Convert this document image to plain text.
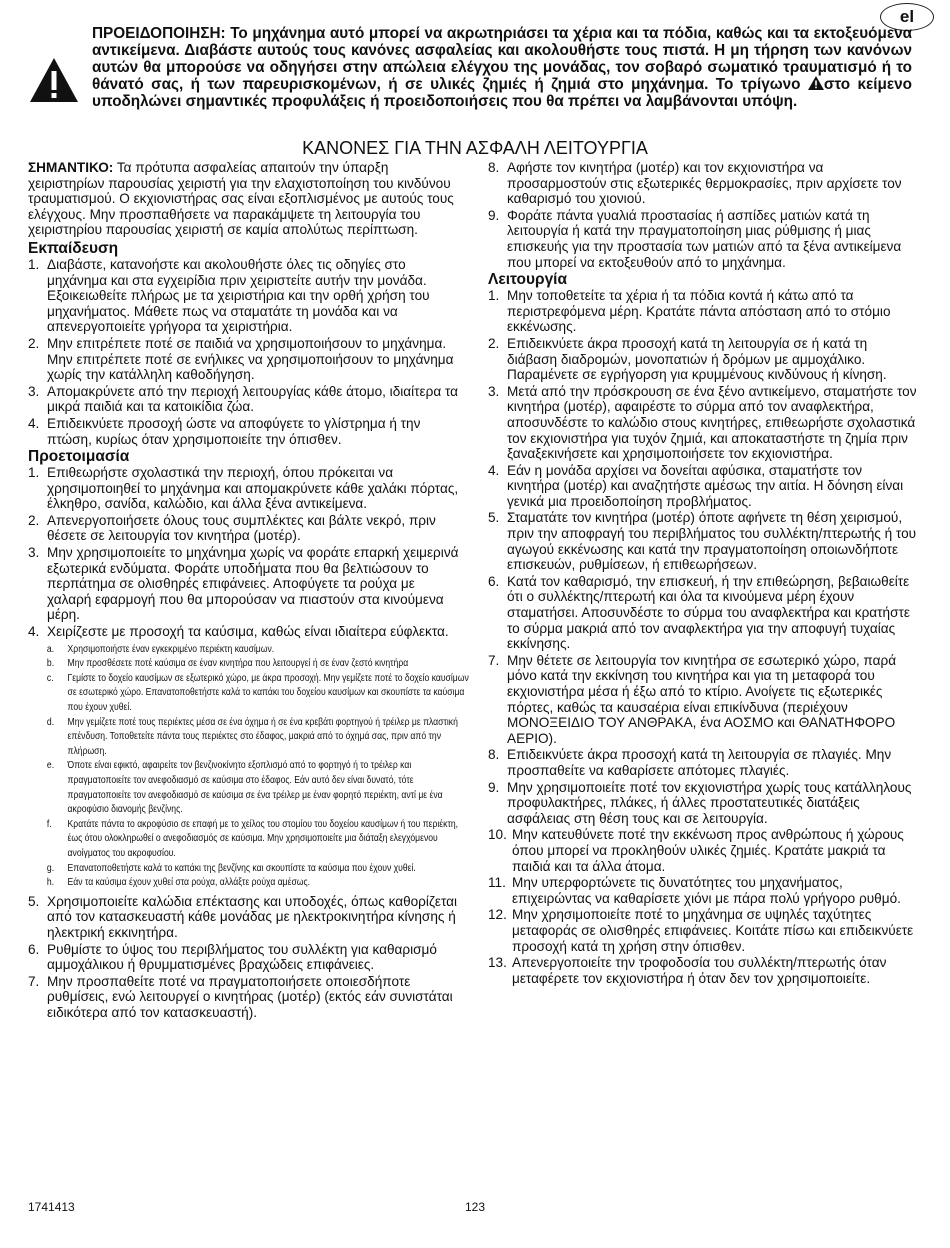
el
ΠΡΟΕΙΔΟΠΟΙΗΣΗ: Το μηχάνημα αυτό μπορεί να ακρωτηριάσει τα χέρια και τα πόδια, καθώς και τα εκτοξευόμενα αντικείμενα. Διαβάστε αυτούς τους κανόνες ασφαλείας και ακολουθήστε τους πιστά. Η μη τήρηση των κανόνων αυτών θα μπορούσε να οδηγήσει στην απώλεια ελέγχου της μονάδας, τον σοβαρό σωματικό τραυματισμό ή το θάνατό σας, ή των παρευρισκομένων, ή σε υλικές ζημιές ή ζημιά στο μηχάνημα. Το τρίγωνο στο κείμενο υποδηλώνει σημαντικές προφυλάξεις ή προειδοποιήσεις που θα πρέπει να λαμβάνονται υπόψη.
ΚΑΝΟΝΕΣ ΓΙΑ ΤΗΝ ΑΣΦΑΛΗ ΛΕΙΤΟΥΡΓΙΑ

ΣΗΜΑΝΤΙΚΟ: Τα πρότυπα ασφαλείας απαιτούν την ύπαρξη χειριστηρίων παρουσίας χειριστή για την ελαχιστοποίηση του κινδύνου τραυματισμού. Ο εκχιονιστήρας σας είναι εξοπλισμένος με αυτούς τους ελέγχους. Μην προσπαθήσετε να παρακάμψετε τη λειτουργία του χειριστηρίου παρουσίας χειριστή σε καμία απολύτως περίπτωση.

Εκπαίδευση
1. Διαβάστε, κατανοήστε και ακολουθήστε όλες τις οδηγίες στο μηχάνημα και στα εγχειρίδια πριν χειριστείτε αυτήν την μονάδα. Εξοικειωθείτε πλήρως με τα χειριστήρια και την ορθή χρήση του μηχανήματος. Μάθετε πως να σταματάτε τη μονάδα και να απενεργοποιείτε γρήγορα τα χειριστήρια.
2. Μην επιτρέπετε ποτέ σε παιδιά να χρησιμοποιήσουν το μηχάνημα. Μην επιτρέπετε ποτέ σε ενήλικες να χρησιμοποιήσουν το μηχάνημα χωρίς την κατάλληλη καθοδήγηση.
3. Απομακρύνετε από την περιοχή λειτουργίας κάθε άτομο, ιδιαίτερα τα μικρά παιδιά και τα κατοικίδια ζώα.
4. Επιδεικνύετε προσοχή ώστε να αποφύγετε το γλίστρημα ή την πτώση, κυρίως όταν χρησιμοποιείτε την όπισθεν.
Προετοιμασία
1. Επιθεωρήστε σχολαστικά την περιοχή, όπου πρόκειται να χρησιμοποιηθεί το μηχάνημα και απομακρύνετε κάθε χαλάκι πόρτας, έλκηθρο, σανίδα, καλώδιο, και άλλα ξένα αντικείμενα.
2. Απενεργοποιήσετε όλους τους συμπλέκτες και βάλτε νεκρό, πριν θέσετε σε λειτουργία τον κινητήρα (μοτέρ).
3. Μην χρησιμοποιείτε το μηχάνημα χωρίς να φοράτε επαρκή χειμερινά εξωτερικά ενδύματα. Φοράτε υποδήματα που θα βελτιώσουν το περπάτημα σε ολισθηρές επιφάνειες. Αποφύγετε τα ρούχα με χαλαρή εφαρμογή που θα μπορούσαν να πιαστούν στα κινούμενα μέρη.
4. Χειρίζεστε με προσοχή τα καύσιμα, καθώς είναι ιδιαίτερα εύφλεκτα.
a. Χρησιμοποιήστε έναν εγκεκριμένο περιέκτη καυσίμων.
b. Μην προσθέσετε ποτέ καύσιμα σε έναν κινητήρα που λειτουργεί ή σε έναν ζεστό κινητήρα
c. Γεμίστε το δοχείο καυσίμων σε εξωτερικό χώρο, με άκρα προσοχή. Μην γεμίζετε ποτέ το δοχείο καυσίμων σε εσωτερικό χώρο. Επανατοποθετήστε καλά το καπάκι του δοχείου καυσίμων και σκουπίστε τα καύσιμα που έχουν χυθεί.
d. Μην γεμίζετε ποτέ τους περιέκτες μέσα σε ένα όχημα ή σε ένα κρεβάτι φορτηγού ή τρέιλερ με πλαστική επένδυση. Τοποθετείτε πάντα τους περιέκτες στο έδαφος, μακριά από το όχημά σας, πριν από την πλήρωση.
e. Όποτε είναι εφικτό, αφαιρείτε τον βενζινοκίνητο εξοπλισμό από το φορτηγό ή το τρέιλερ και πραγματοποιείτε τον ανεφοδιασμό σε καύσιμα στο έδαφος. Εάν αυτό δεν είναι δυνατό, τότε πραγματοποιείτε τον ανεφοδιασμό σε καύσιμα σε ένα τρέιλερ με έναν φορητό περιέκτη, αντί με ένα ακροφύσιο διανομής βενζίνης.
f. Κρατάτε πάντα το ακροφύσιο σε επαφή με το χείλος του στομίου του δοχείου καυσίμων ή του περιέκτη, έως ότου ολοκληρωθεί ο ανεφοδιασμός σε καύσιμα. Μην χρησιμοποιείτε μια διάταξη ελεγχόμενου ανοίγματος του ακροφυσίου.
g. Επανατοποθετήστε καλά το καπάκι της βενζίνης και σκουπίστε τα καύσιμα που έχουν χυθεί.
h. Εάν τα καύσιμα έχουν χυθεί στα ρούχα, αλλάξτε ρούχα αμέσως.
5. Χρησιμοποιείτε καλώδια επέκτασης και υποδοχές, όπως καθορίζεται από τον κατασκευαστή κάθε μονάδας με ηλεκτροκινητήρα κίνησης ή ηλεκτρική εκκινητήρα.
6. Ρυθμίστε το ύψος του περιβλήματος του συλλέκτη για καθαρισμό αμμοχάλικου ή θρυμματισμένες βραχώδεις επιφάνειες.
7. Μην προσπαθείτε ποτέ να πραγματοποιήσετε οποιεσδήποτε ρυθμίσεις, ενώ λειτουργεί ο κινητήρας (μοτέρ) (εκτός εάν συνιστάται ειδικότερα από τον κατασκευαστή).
8. Αφήστε τον κινητήρα (μοτέρ) και τον εκχιονιστήρα να προσαρμοστούν στις εξωτερικές θερμοκρασίες, πριν αρχίσετε τον καθαρισμό του χιονιού.
9. Φοράτε πάντα γυαλιά προστασίας ή ασπίδες ματιών κατά τη λειτουργία ή κατά την πραγματοποίηση μιας ρύθμισης ή μιας επισκευής για την προστασία των ματιών από τα ξένα αντικείμενα που μπορεί να εκτοξευθούν από το μηχάνημα.
Λειτουργία
1. Μην τοποθετείτε τα χέρια ή τα πόδια κοντά ή κάτω από τα περιστρεφόμενα μέρη. Κρατάτε πάντα απόσταση από το στόμιο εκκένωσης.
2. Επιδεικνύετε άκρα προσοχή κατά τη λειτουργία σε ή κατά τη διάβαση διαδρομών, μονοπατιών ή δρόμων με αμμοχάλικο. Παραμένετε σε εγρήγορση για κρυμμένους κινδύνους ή κίνηση.
3. Μετά από την πρόσκρουση σε ένα ξένο αντικείμενο, σταματήστε τον κινητήρα (μοτέρ), αφαιρέστε το σύρμα από τον αναφλεκτήρα, αποσυνδέστε το καλώδιο στους κινητήρες, επιθεωρήστε σχολαστικά τον εκχιονιστήρα για τυχόν ζημιά, και αποκαταστήστε τη ζημία πριν ξαναξεκινήσετε και χρησιμοποιήσετε τον εκχιονιστήρα.
4. Εάν η μονάδα αρχίσει να δονείται αφύσικα, σταματήστε τον κινητήρα (μοτέρ) και αναζητήστε αμέσως την αιτία. Η δόνηση είναι γενικά μια προειδοποίηση προβλήματος.
5. Σταματάτε τον κινητήρα (μοτέρ) όποτε αφήνετε τη θέση χειρισμού, πριν την αποφραγή του περιβλήματος του συλλέκτη/πτερωτής ή του αγωγού εκκένωσης και κατά την πραγματοποίηση οποιωνδήποτε επισκευών, ρυθμίσεων, ή επιθεωρήσεων.
6. Κατά τον καθαρισμό, την επισκευή, ή την επιθεώρηση, βεβαιωθείτε ότι ο συλλέκτης/πτερωτή και όλα τα κινούμενα μέρη έχουν σταματήσει. Αποσυνδέστε το σύρμα του αναφλεκτήρα και κρατήστε το σύρμα μακριά από τον αναφλεκτήρα για την αποφυγή τυχαίας εκκίνησης.
7. Μην θέτετε σε λειτουργία τον κινητήρα σε εσωτερικό χώρο, παρά μόνο κατά την εκκίνηση του κινητήρα και για τη μεταφορά του εκχιονιστήρα μέσα ή έξω από το κτίριο. Ανοίγετε τις εξωτερικές πόρτες, καθώς τα καυσαέρια είναι επικίνδυνα (περιέχουν ΜΟΝΟΞΕΙΔΙΟ ΤΟΥ ΑΝΘΡΑΚΑ, ένα ΑΟΣΜΟ και ΘΑΝΑΤΗΦΟΡΟ ΑΕΡΙΟ).
8. Επιδεικνύετε άκρα προσοχή κατά τη λειτουργία σε πλαγιές. Μην προσπαθείτε να καθαρίσετε απότομες πλαγιές.
9. Μην χρησιμοποιείτε ποτέ τον εκχιονιστήρα χωρίς τους κατάλληλους προφυλακτήρες, πλάκες, ή άλλες προστατευτικές διατάξεις ασφάλειας στη θέση τους και σε λειτουργία.
10. Μην κατευθύνετε ποτέ την εκκένωση προς ανθρώπους ή χώρους όπου μπορεί να προκληθούν υλικές ζημιές. Κρατάτε μακριά τα παιδιά και τα άλλα άτομα.
11. Μην υπερφορτώνετε τις δυνατότητες του μηχανήματος, επιχειρώντας να καθαρίσετε χιόνι με πάρα πολύ γρήγορο ρυθμό.
12. Μην χρησιμοποιείτε ποτέ το μηχάνημα σε υψηλές ταχύτητες μεταφοράς σε ολισθηρές επιφάνειες. Κοιτάτε πίσω και επιδεικνύετε προσοχή κατά τη χρήση στην όπισθεν.
13. Απενεργοποιείτε την τροφοδοσία του συλλέκτη/πτερωτής όταν μεταφέρετε τον εκχιονιστήρα ή όταν δεν τον χρησιμοποιείτε.
1741413	123
